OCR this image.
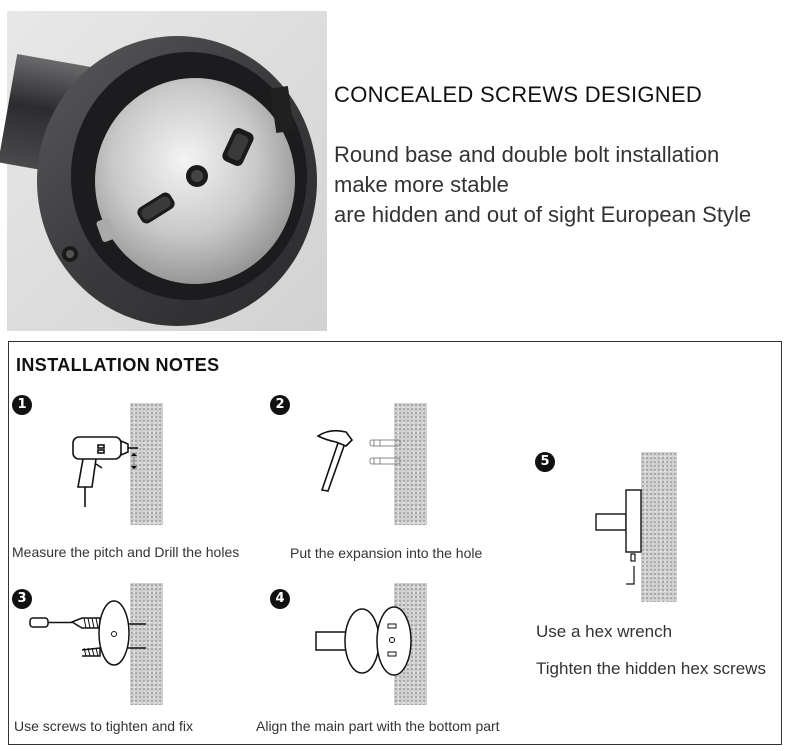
CONCEALED SCREWS DESIGNED
Round base and double bolt installation
make more stable
are hidden and out of sight European Style
INSTALLATION NOTES
1
Measure the pitch and Drill the holes
2
Put the expansion into the hole
5
Use a hex wrench
Tighten the hidden hex screws
3
Use screws to tighten and fix
4
Align the main part with the bottom part
